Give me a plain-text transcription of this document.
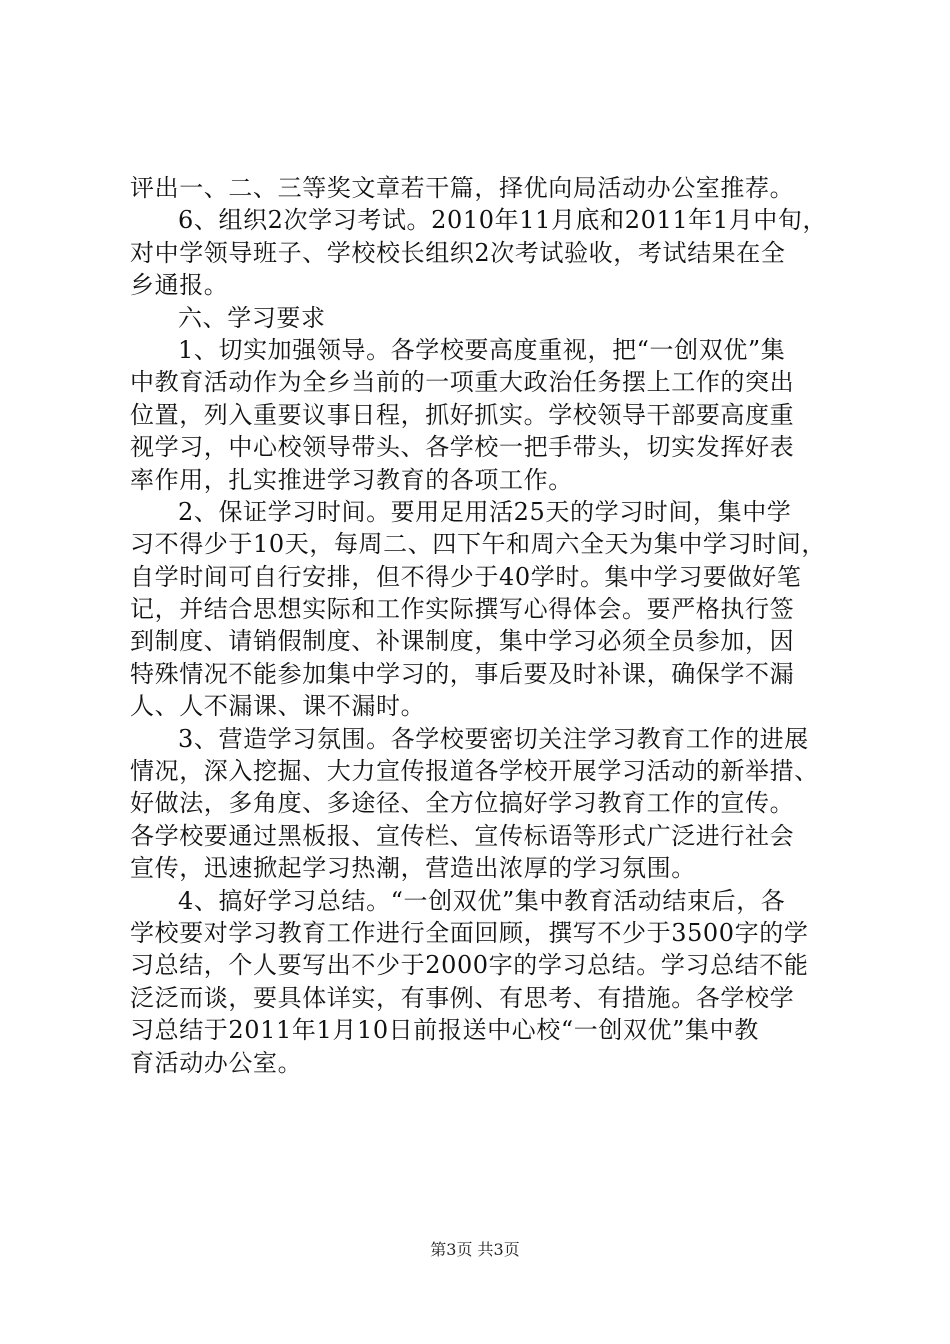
评出一、二、三等奖文章若干篇，择优向局活动办公室推荐。
6、组织2次学习考试。2010年11月底和2011年1月中旬，
对中学领导班子、学校校长组织2次考试验收，考试结果在全
乡通报。
六、学习要求
1、切实加强领导。各学校要高度重视，把“一创双优”集
中教育活动作为全乡当前的一项重大政治任务摆上工作的突出
位置，列入重要议事日程，抓好抓实。学校领导干部要高度重
视学习，中心校领导带头、各学校一把手带头，切实发挥好表
率作用，扎实推进学习教育的各项工作。
2、保证学习时间。要用足用活25天的学习时间，集中学
习不得少于10天，每周二、四下午和周六全天为集中学习时间，
自学时间可自行安排，但不得少于40学时。集中学习要做好笔
记，并结合思想实际和工作实际撰写心得体会。要严格执行签
到制度、请销假制度、补课制度，集中学习必须全员参加，因
特殊情况不能参加集中学习的，事后要及时补课，确保学不漏
人、人不漏课、课不漏时。
3、营造学习氛围。各学校要密切关注学习教育工作的进展
情况，深入挖掘、大力宣传报道各学校开展学习活动的新举措、
好做法，多角度、多途径、全方位搞好学习教育工作的宣传。
各学校要通过黑板报、宣传栏、宣传标语等形式广泛进行社会
宣传，迅速掀起学习热潮，营造出浓厚的学习氛围。
4、搞好学习总结。“一创双优”集中教育活动结束后，各
学校要对学习教育工作进行全面回顾，撰写不少于3500字的学
习总结，个人要写出不少于2000字的学习总结。学习总结不能
泛泛而谈，要具体详实，有事例、有思考、有措施。各学校学
习总结于2011年1月10日前报送中心校“一创双优”集中教
育活动办公室。
第3页 共3页
